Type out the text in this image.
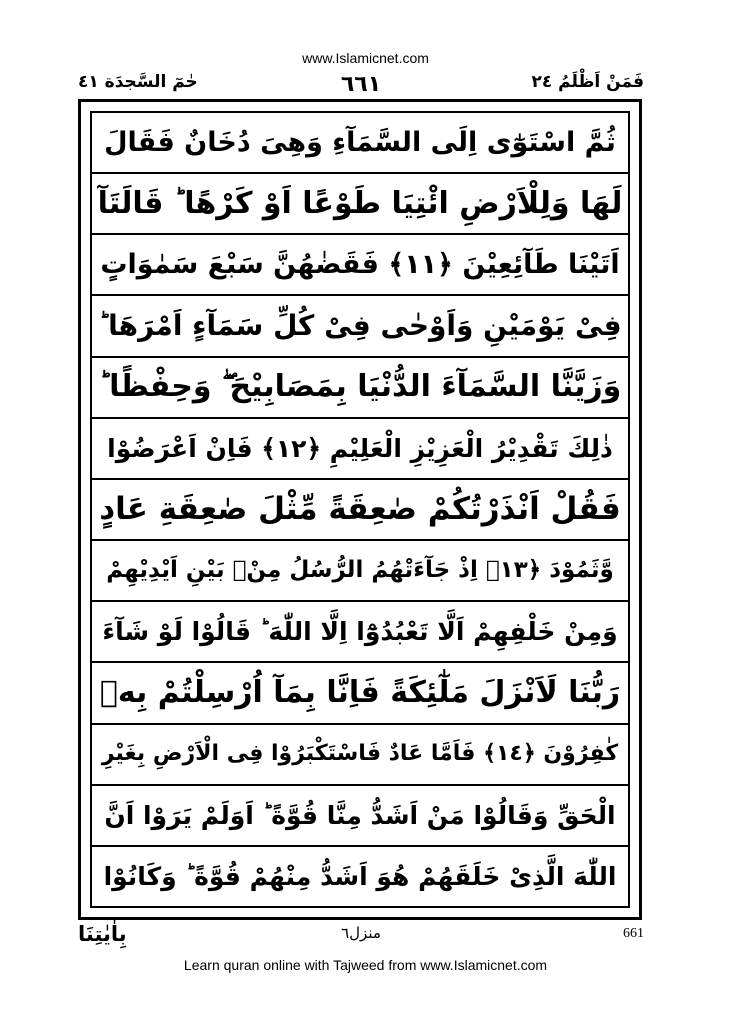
www.Islamicnet.com
حٰمٓ السَّجدَة ٤١	٦٦١	فَمَنْ اَظْلَمُ ٢٤
ثُمَّ اسْتَوٰٓى اِلَى السَّمَآءِ وَهِىَ دُخَانٌ فَقَالَ
لَهَا وَلِلْاَرْضِ ائْتِيَا طَوْعًا اَوْ كَرْهًا ؕ قَالَتَآ
اَتَيْنَا طَآئِعِيْنَ ﴿١١﴾ فَقَضٰهُنَّ سَبْعَ سَمٰوَاتٍ
فِىْ يَوْمَيْنِ وَاَوْحٰى فِىْ كُلِّ سَمَآءٍ اَمْرَهَا ؕ
وَزَيَّنَّا السَّمَآءَ الدُّنْيَا بِمَصَابِيْحَ ۖ وَحِفْظًا ؕ
ذٰلِكَ تَقْدِيْرُ الْعَزِيْزِ الْعَلِيْمِ ﴿١٢﴾ فَاِنْ اَعْرَضُوْا
فَقُلْ اَنْذَرْتُكُمْ صٰعِقَةً مِّثْلَ صٰعِقَةِ عَادٍ
وَّثَمُوْدَ ﴿١٣﴾ اِذْ جَآءَتْهُمُ الرُّسُلُ مِنْۢ بَيْنِ اَيْدِيْهِمْ
وَمِنْ خَلْفِهِمْ اَلَّا تَعْبُدُوْٓا اِلَّا اللّٰهَ ؕ قَالُوْا لَوْ شَآءَ
رَبُّنَا لَاَنْزَلَ مَلٰٓئِكَةً فَاِنَّا بِمَآ اُرْسِلْتُمْ بِهٖ
كٰفِرُوْنَ ﴿١٤﴾ فَاَمَّا عَادٌ فَاسْتَكْبَرُوْا فِى الْاَرْضِ بِغَيْرِ
الْحَقِّ وَقَالُوْا مَنْ اَشَدُّ مِنَّا قُوَّةً ؕ اَوَلَمْ يَرَوْا اَنَّ
اللّٰهَ الَّذِىْ خَلَقَهُمْ هُوَ اَشَدُّ مِنْهُمْ قُوَّةً ؕ وَكَانُوْا
بِاٰيٰتِنَا	منزل٦	661
Learn quran online with Tajweed from www.Islamicnet.com
